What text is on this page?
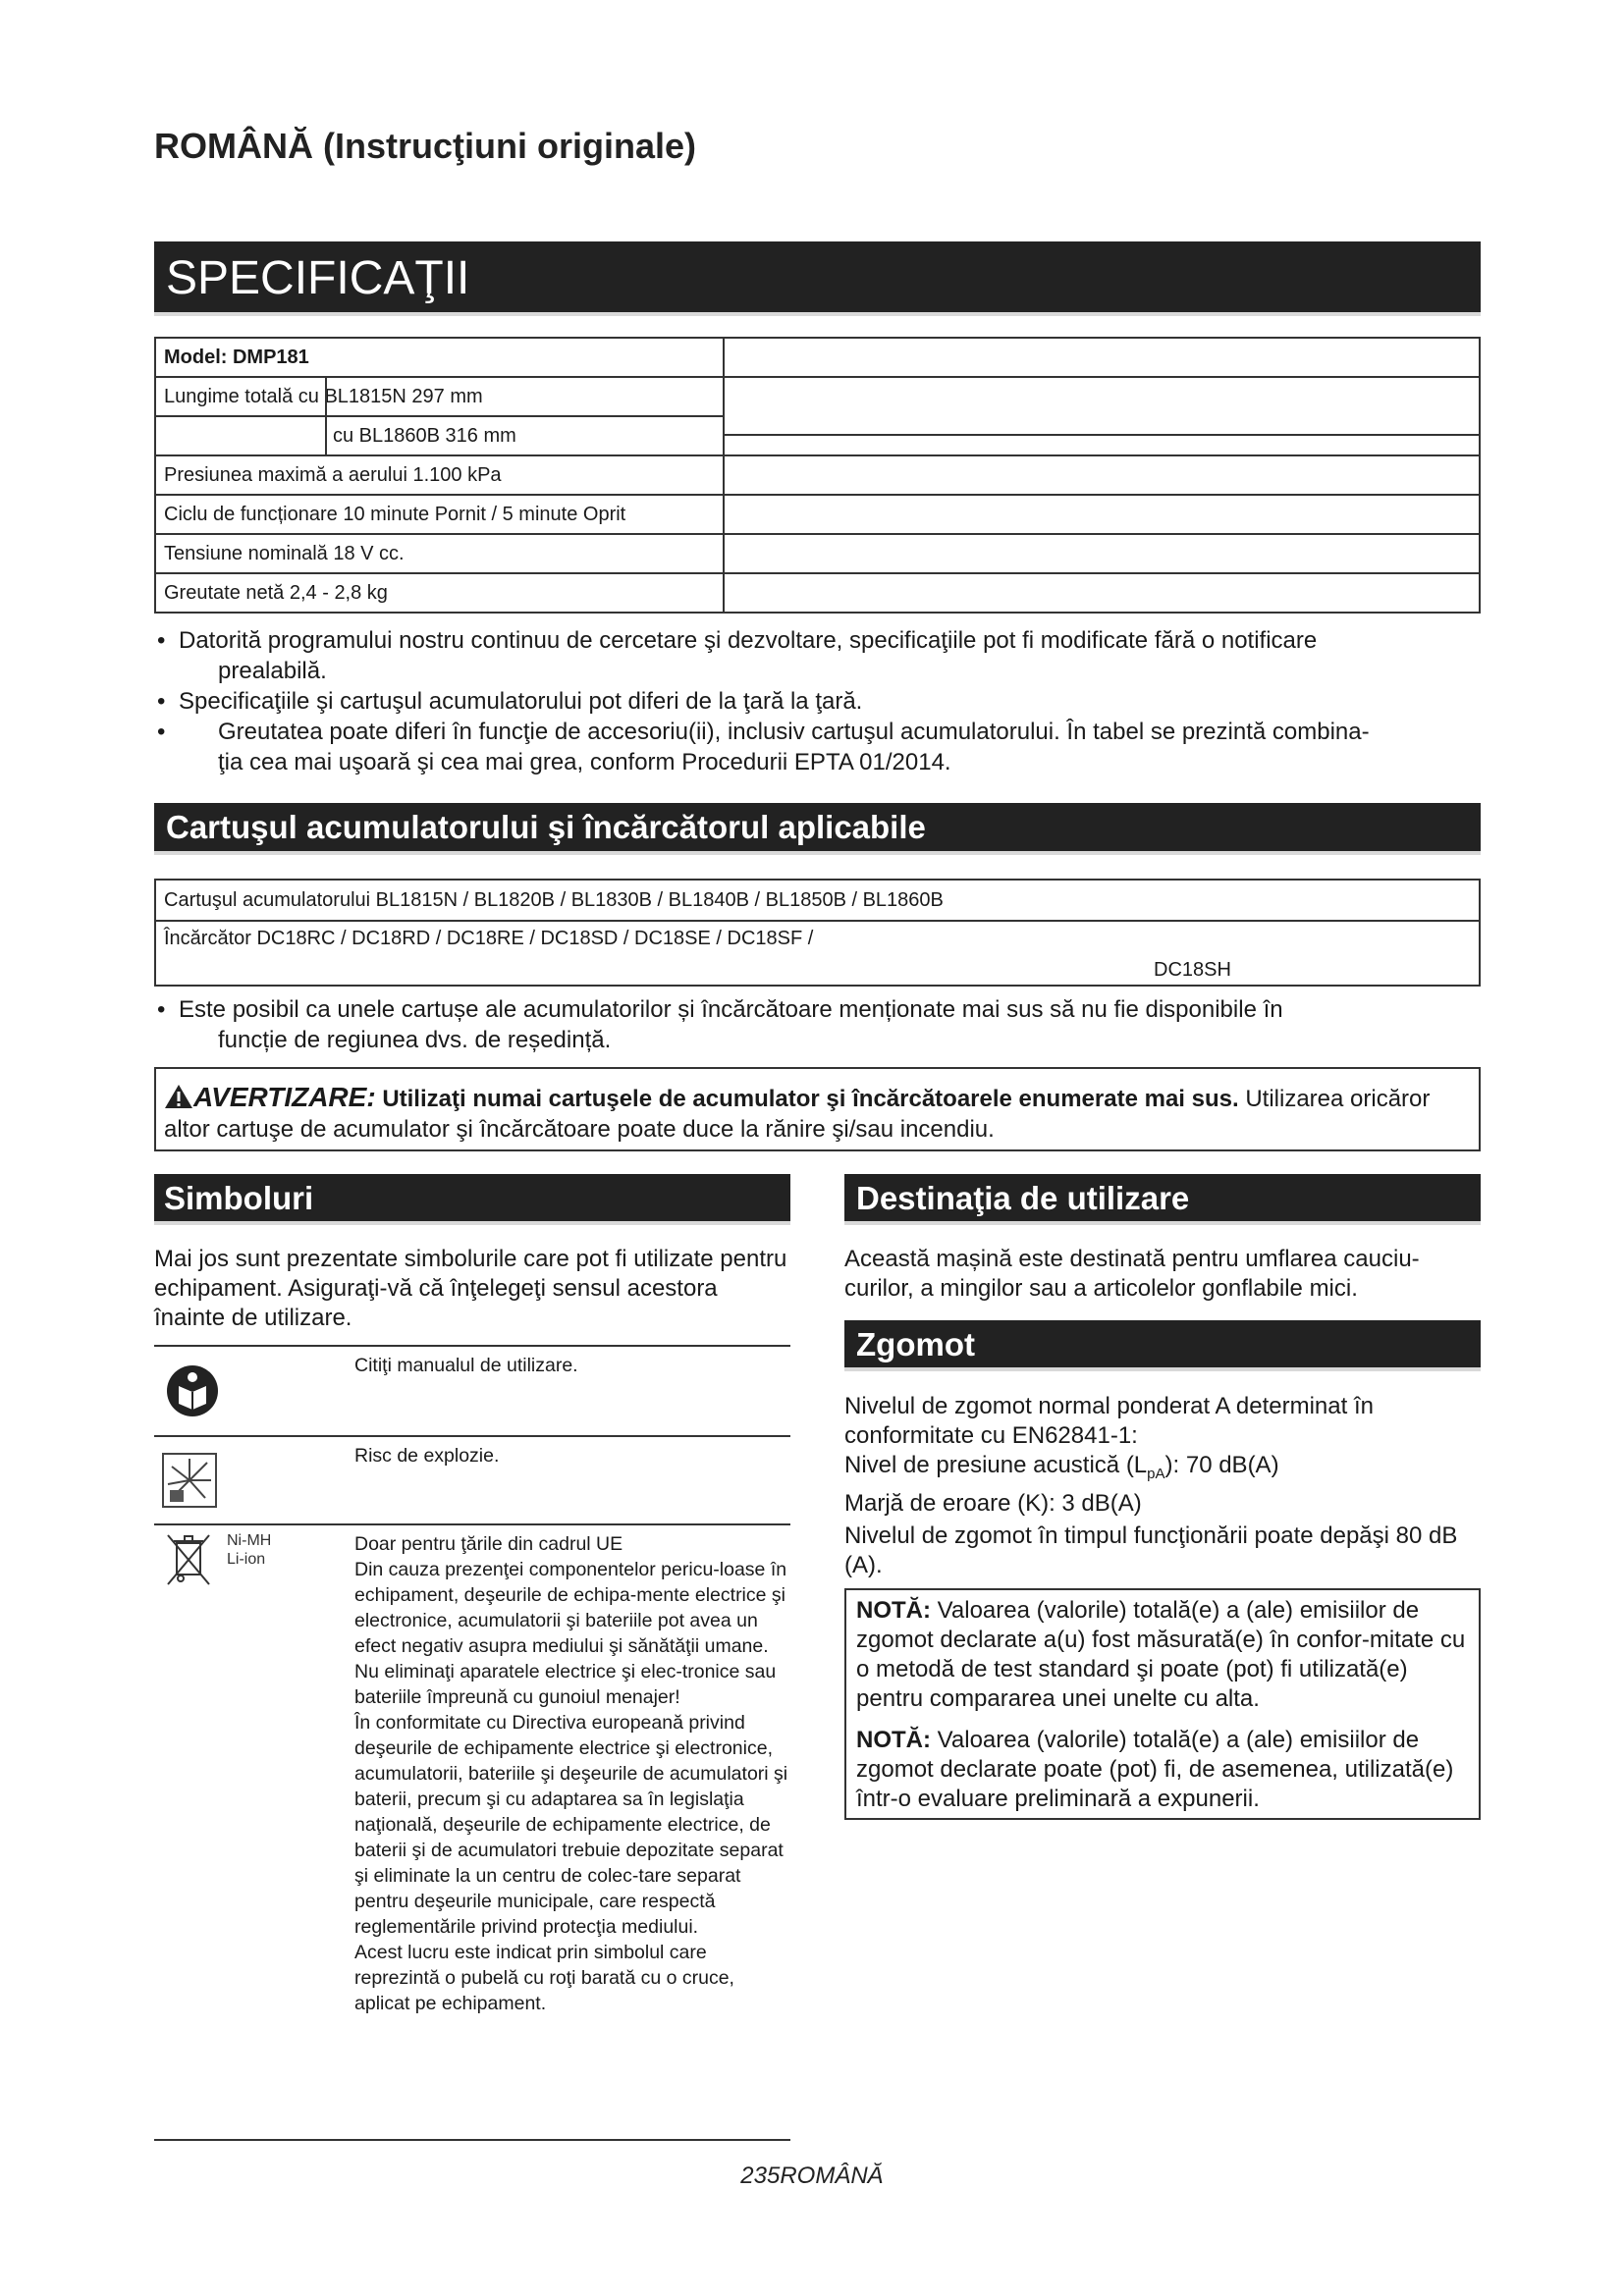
ROMÂNĂ (Instrucţiuni originale)
SPECIFICAŢII
Model: DMP181	

Lungime totală cu BL1815N 297 mm
cu BL1860B 316 mm	

Presiunea maximă a aerului 1.100 kPa	
Ciclu de funcționare 10 minute Pornit / 5 minute Oprit	
Tensiune nominală 18 V cc.	
Greutate netă 2,4 - 2,8 kg	
• Datorită programului nostru continuu de cercetare şi dezvoltare, specificaţiile pot fi modificate fără o notificare
prealabilă.
• Specificaţiile şi cartuşul acumulatorului pot diferi de la ţară la ţară.
• Greutatea poate diferi în funcţie de accesoriu(ii), inclusiv cartuşul acumulatorului. În tabel se prezintă combina-
ţia cea mai uşoară şi cea mai grea, conform Procedurii EPTA 01/2014.
Cartuşul acumulatorului şi încărcătorul aplicabile
Cartuşul acumulatorului BL1815N / BL1820B / BL1830B / BL1840B / BL1850B / BL1860B
Încărcător DC18RC / DC18RD / DC18RE / DC18SD / DC18SE / DC18SF /
DC18SH
• Este posibil ca unele cartușe ale acumulatorilor și încărcătoare menționate mai sus să nu fie disponibile în
funcție de regiunea dvs. de reședință.
AVERTIZARE: Utilizaţi numai cartuşele de acumulator şi încărcătoarele enumerate mai sus. Utilizarea oricăror altor cartuşe de acumulator şi încărcătoare poate duce la rănire şi/sau incendiu.
Simboluri
Mai jos sunt prezentate simbolurile care pot fi utilizate pentru echipament. Asiguraţi-vă că înţelegeţi sensul acestora înainte de utilizare.
Citiţi manualul de utilizare.
Risc de explozie.
Ni-MH
Li-ion
Doar pentru ţările din cadrul UE
Din cauza prezenţei componentelor pericu-loase în echipament, deşeurile de echipa-mente electrice şi electronice, acumulatorii şi bateriile pot avea un efect negativ asupra mediului şi sănătăţii umane.
Nu eliminaţi aparatele electrice şi elec-tronice sau bateriile împreună cu gunoiul menajer!
În conformitate cu Directiva europeană privind deşeurile de echipamente electrice şi electronice, acumulatorii, bateriile şi deşeurile de acumulatori şi baterii, precum şi cu adaptarea sa în legislaţia naţională, deşeurile de echipamente electrice, de baterii şi de acumulatori trebuie depozitate separat şi eliminate la un centru de colec-tare separat pentru deşeurile municipale, care respectă reglementările privind protecţia mediului.
Acest lucru este indicat prin simbolul care reprezintă o pubelă cu roţi barată cu o cruce, aplicat pe echipament.
Destinaţia de utilizare
Această mașină este destinată pentru umflarea cauciu-curilor, a mingilor sau a articolelor gonflabile mici.
Zgomot
Nivelul de zgomot normal ponderat A determinat în conformitate cu EN62841-1:
Nivel de presiune acustică $(L_{pA})$: 70 dB(A)
Marjă de eroare (K): 3 dB(A)
Nivelul de zgomot în timpul funcţionării poate depăşi 80 dB (A).

NOTĂ: Valoarea (valorile) totală(e) a (ale) emisiilor de zgomot declarate a(u) fost măsurată(e) în confor-mitate cu o metodă de test standard şi poate (pot) fi utilizată(e) pentru compararea unei unelte cu alta.

NOTĂ: Valoarea (valorile) totală(e) a (ale) emisiilor de zgomot declarate poate (pot) fi, de asemenea, utilizată(e) într-o evaluare preliminară a expunerii.

235ROMÂNĂ
